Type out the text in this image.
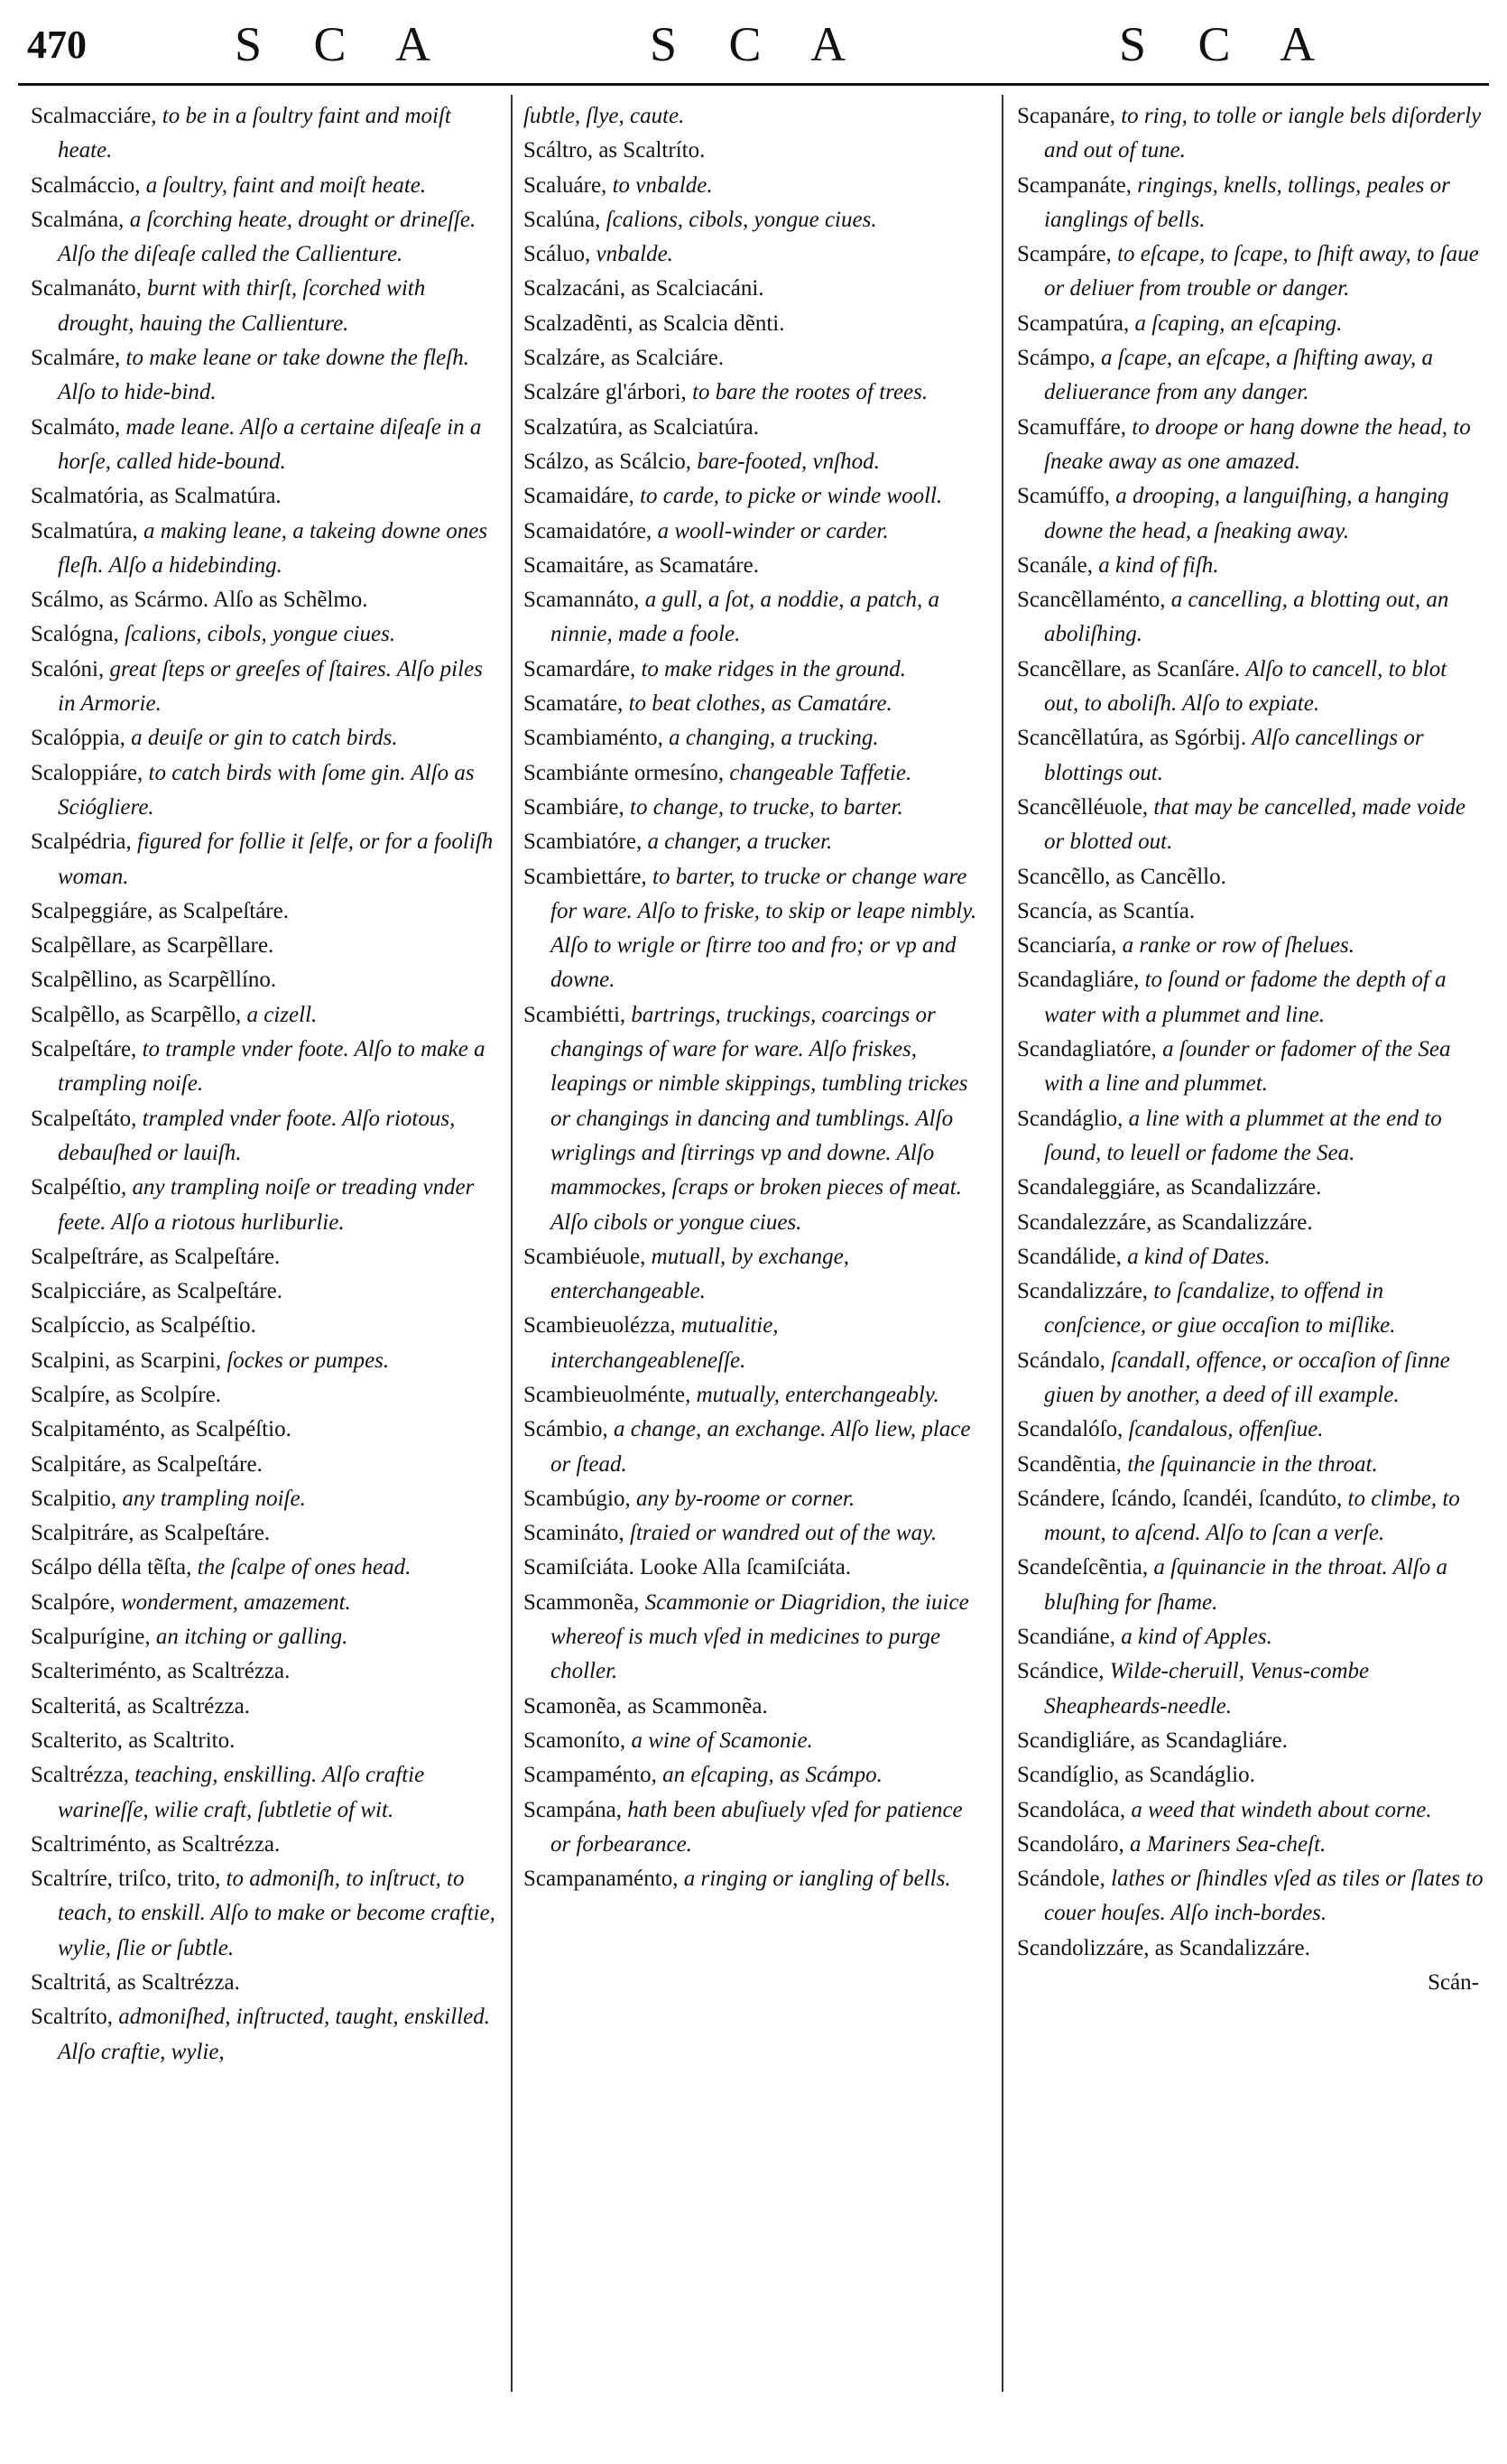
470	S C A	S C A	S C A

Scalmacciáre, to be in a ſoultry faint and moiſt heate.

Scalmáccio, a ſoultry, faint and moiſt heate.

Scalmána, a ſcorching heate, drought or drineſſe. Alſo the diſeaſe called the Callienture.

Scalmanáto, burnt with thirſt, ſcorched with drought, hauing the Callienture.

Scalmáre, to make leane or take downe the fleſh. Alſo to hide-bind.

Scalmáto, made leane. Alſo a certaine diſeaſe in a horſe, called hide-bound.

Scalmatória, as Scalmatúra.

Scalmatúra, a making leane, a takeing downe ones fleſh. Alſo a hidebinding.

Scálmo, as Scármo. Alſo as Schẽlmo.

Scalógna, ſcalions, cibols, yongue ciues.

Scalóni, great ſteps or greeſes of ſtaires. Alſo piles in Armorie.

Scalóppia, a deuiſe or gin to catch birds.

Scaloppiáre, to catch birds with ſome gin. Alſo as Sciógliere.

Scalpédria, figured for follie it ſelfe, or for a fooliſh woman.

Scalpeggiáre, as Scalpeſtáre.

Scalpẽllare, as Scarpẽllare.

Scalpẽllino, as Scarpẽllíno.

Scalpẽllo, as Scarpẽllo, a cizell.

Scalpeſtáre, to trample vnder foote. Alſo to make a trampling noiſe.

Scalpeſtáto, trampled vnder foote. Alſo riotous, debauſhed or lauiſh.

Scalpéſtio, any trampling noiſe or treading vnder feete. Alſo a riotous hurliburlie.

Scalpeſtráre, as Scalpeſtáre.

Scalpicciáre, as Scalpeſtáre.

Scalpíccio, as Scalpéſtio.

Scalpini, as Scarpini, ſockes or pumpes.

Scalpíre, as Scolpíre.

Scalpitaménto, as Scalpéſtio.

Scalpitáre, as Scalpeſtáre.

Scalpitio, any trampling noiſe.

Scalpitráre, as Scalpeſtáre.

Scálpo délla tẽſta, the ſcalpe of ones head.

Scalpóre, wonderment, amazement.

Scalpurígine, an itching or galling.

Scalteriménto, as Scaltrézza.

Scalteritá, as Scaltrézza.

Scalterito, as Scaltrito.

Scaltrézza, teaching, enskilling. Alſo craftie warineſſe, wilie craft, ſubtletie of wit.

Scaltriménto, as Scaltrézza.

Scaltríre, triſco, trito, to admoniſh, to inſtruct, to teach, to enskill. Alſo to make or become craftie, wylie, ſlie or ſubtle.

Scaltritá, as Scaltrézza.

Scaltríto, admoniſhed, inſtructed, taught, enskilled. Alſo craftie, wylie,

ſubtle, ſlye, caute.

Scáltro, as Scaltríto.

Scaluáre, to vnbalde.

Scalúna, ſcalions, cibols, yongue ciues.

Scáluo, vnbalde.

Scalzacáni, as Scalciacáni.

Scalzadẽnti, as Scalcia dẽnti.

Scalzáre, as Scalciáre.

Scalzáre gl'árbori, to bare the rootes of trees.

Scalzatúra, as Scalciatúra.

Scálzo, as Scálcio, bare-footed, vnſhod.

Scamaidáre, to carde, to picke or winde wooll.

Scamaidatóre, a wooll-winder or carder.

Scamaitáre, as Scamatáre.

Scamannáto, a gull, a ſot, a noddie, a patch, a ninnie, made a foole.

Scamardáre, to make ridges in the ground.

Scamatáre, to beat clothes, as Camatáre.

Scambiaménto, a changing, a trucking.

Scambiánte ormesíno, changeable Taffetie.

Scambiáre, to change, to trucke, to barter.

Scambiatóre, a changer, a trucker.

Scambiettáre, to barter, to trucke or change ware for ware. Alſo to friske, to skip or leape nimbly. Alſo to wrigle or ſtirre too and fro; or vp and downe.

Scambiétti, bartrings, truckings, coarcings or changings of ware for ware. Alſo friskes, leapings or nimble skippings, tumbling trickes or changings in dancing and tumblings. Alſo wriglings and ſtirrings vp and downe. Alſo mammockes, ſcraps or broken pieces of meat. Alſo cibols or yongue ciues.

Scambiéuole, mutuall, by exchange, enterchangeable.

Scambieuolézza, mutualitie, interchangeableneſſe.

Scambieuolménte, mutually, enterchangeably.

Scámbio, a change, an exchange. Alſo liew, place or ſtead.

Scambúgio, any by-roome or corner.

Scamináto, ſtraied or wandred out of the way.

Scamiſciáta. Looke Alla ſcamiſciáta.

Scammonẽa, Scammonie or Diagridion, the iuice whereof is much vſed in medicines to purge choller.

Scamonẽa, as Scammonẽa.

Scamoníto, a wine of Scamonie.

Scampaménto, an eſcaping, as Scámpo.

Scampána, hath been abuſiuely vſed for patience or forbearance.

Scampanaménto, a ringing or iangling of bells.

Scapanáre, to ring, to tolle or iangle bels diſorderly and out of tune.

Scampanáte, ringings, knells, tollings, peales or ianglings of bells.

Scampáre, to eſcape, to ſcape, to ſhift away, to ſaue or deliuer from trouble or danger.

Scampatúra, a ſcaping, an eſcaping.

Scámpo, a ſcape, an eſcape, a ſhifting away, a deliuerance from any danger.

Scamuffáre, to droope or hang downe the head, to ſneake away as one amazed.

Scamúffo, a drooping, a languiſhing, a hanging downe the head, a ſneaking away.

Scanále, a kind of fiſh.

Scancẽllaménto, a cancelling, a blotting out, an aboliſhing.

Scancẽllare, as Scanſáre. Alſo to cancell, to blot out, to aboliſh. Alſo to expiate.

Scancẽllatúra, as Sgórbij. Alſo cancellings or blottings out.

Scancẽlléuole, that may be cancelled, made voide or blotted out.

Scancẽllo, as Cancẽllo.

Scancía, as Scantía.

Scanciaría, a ranke or row of ſhelues.

Scandagliáre, to ſound or fadome the depth of a water with a plummet and line.

Scandagliatóre, a ſounder or fadomer of the Sea with a line and plummet.

Scandáglio, a line with a plummet at the end to ſound, to leuell or fadome the Sea.

Scandaleggiáre, as Scandalizzáre.

Scandalezzáre, as Scandalizzáre.

Scandálide, a kind of Dates.

Scandalizzáre, to ſcandalize, to offend in conſcience, or giue occaſion to miſlike.

Scándalo, ſcandall, offence, or occaſion of ſinne giuen by another, a deed of ill example.

Scandalóſo, ſcandalous, offenſiue.

Scandẽntia, the ſquinancie in the throat.

Scándere, ſcándo, ſcandéi, ſcandúto, to climbe, to mount, to aſcend. Alſo to ſcan a verſe.

Scandeſcẽntia, a ſquinancie in the throat. Alſo a bluſhing for ſhame.

Scandiáne, a kind of Apples.

Scándice, Wilde-cheruill, Venus-combe Sheapheards-needle.

Scandigliáre, as Scandagliáre.

Scandíglio, as Scandáglio.

Scandoláca, a weed that windeth about corne.

Scandoláro, a Mariners Sea-cheſt.

Scándole, lathes or ſhindles vſed as tiles or ſlates to couer houſes. Alſo inch-bordes.

Scandolizzáre, as Scandalizzáre.

Scán-
